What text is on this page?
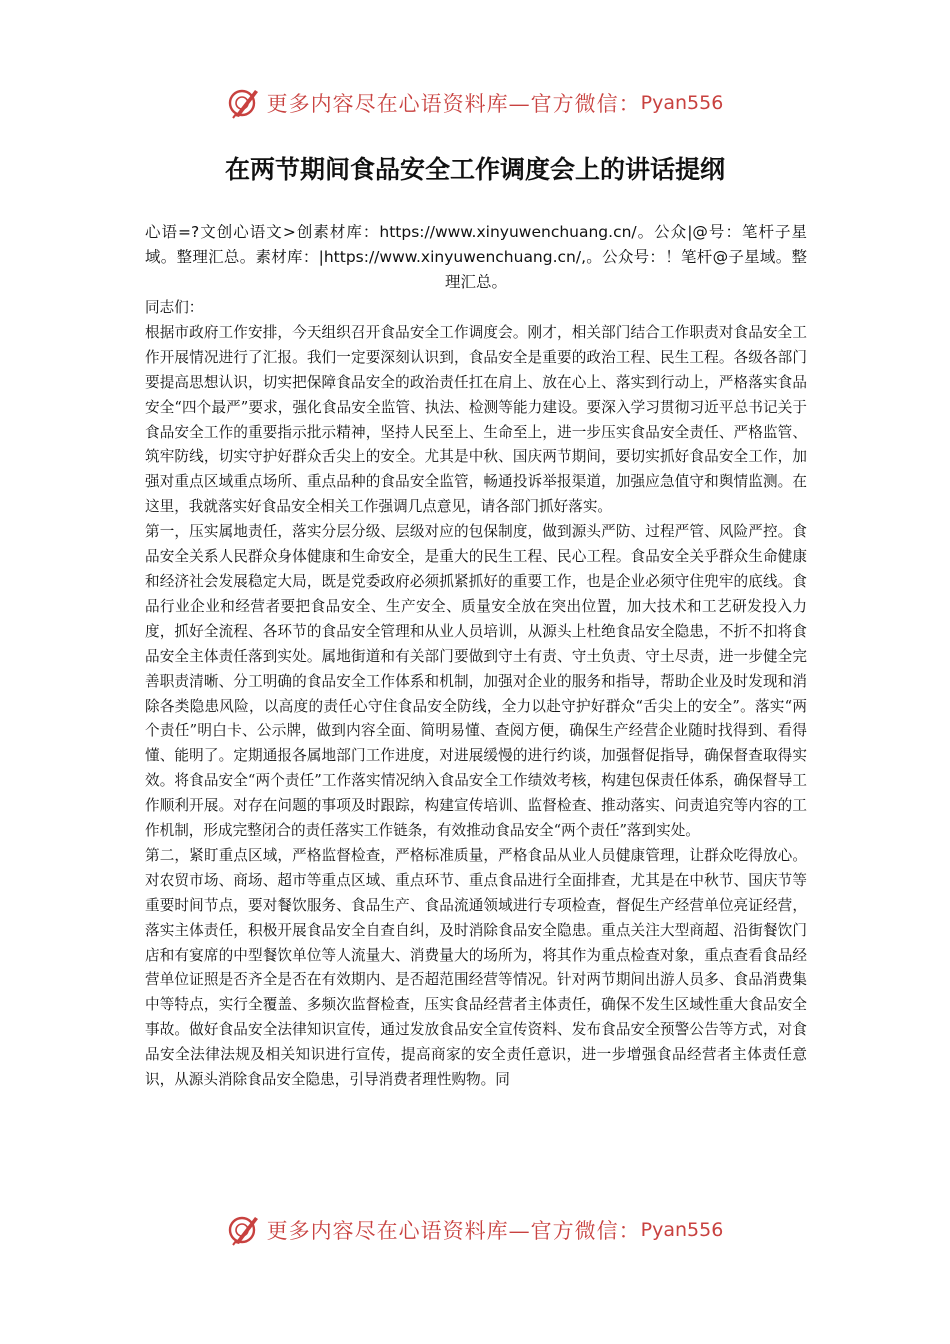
更多内容尽在心语资料库—官方微信： Pyan556
在两节期间食品安全工作调度会上的讲话提纲

心语=?文创心语文>创素材库：https://www.xinyuwenchuang.cn/。公众|@号：笔杆子星域。整理汇总。素材库：|https://www.xinyuwenchuang.cn/,。公众号：！笔杆@子星域。整理汇总。

同志们：

根据市政府工作安排，今天组织召开食品安全工作调度会。刚才，相关部门结合工作职责对食品安全工作开展情况进行了汇报。我们一定要深刻认识到，食品安全是重要的政治工程、民生工程。各级各部门要提高思想认识，切实把保障食品安全的政治责任扛在肩上、放在心上、落实到行动上，严格落实食品安全“四个最严”要求，强化食品安全监管、执法、检测等能力建设。要深入学习贯彻习近平总书记关于食品安全工作的重要指示批示精神，坚持人民至上、生命至上，进一步压实食品安全责任、严格监管、筑牢防线，切实守护好群众舌尖上的安全。尤其是中秋、国庆两节期间，要切实抓好食品安全工作，加强对重点区域重点场所、重点品种的食品安全监管，畅通投诉举报渠道，加强应急值守和舆情监测。在这里，我就落实好食品安全相关工作强调几点意见，请各部门抓好落实。

第一，压实属地责任，落实分层分级、层级对应的包保制度，做到源头严防、过程严管、风险严控。食品安全关系人民群众身体健康和生命安全，是重大的民生工程、民心工程。食品安全关乎群众生命健康和经济社会发展稳定大局，既是党委政府必须抓紧抓好的重要工作，也是企业必须守住兜牢的底线。食品行业企业和经营者要把食品安全、生产安全、质量安全放在突出位置，加大技术和工艺研发投入力度，抓好全流程、各环节的食品安全管理和从业人员培训，从源头上杜绝食品安全隐患，不折不扣将食品安全主体责任落到实处。属地街道和有关部门要做到守土有责、守土负责、守土尽责，进一步健全完善职责清晰、分工明确的食品安全工作体系和机制，加强对企业的服务和指导，帮助企业及时发现和消除各类隐患风险，以高度的责任心守住食品安全防线，全力以赴守护好群众“舌尖上的安全”。落实“两个责任”明白卡、公示牌，做到内容全面、简明易懂、查阅方便，确保生产经营企业随时找得到、看得懂、能明了。定期通报各属地部门工作进度，对进展缓慢的进行约谈，加强督促指导，确保督查取得实效。将食品安全“两个责任”工作落实情况纳入食品安全工作绩效考核，构建包保责任体系，确保督导工作顺利开展。对存在问题的事项及时跟踪，构建宣传培训、监督检查、推动落实、问责追究等内容的工作机制，形成完整闭合的责任落实工作链条，有效推动食品安全“两个责任”落到实处。

第二，紧盯重点区域，严格监督检查，严格标准质量，严格食品从业人员健康管理，让群众吃得放心。对农贸市场、商场、超市等重点区域、重点环节、重点食品进行全面排查，尤其是在中秋节、国庆节等重要时间节点，要对餐饮服务、食品生产、食品流通领域进行专项检查，督促生产经营单位亮证经营，落实主体责任，积极开展食品安全自查自纠，及时消除食品安全隐患。重点关注大型商超、沿街餐饮门店和有宴席的中型餐饮单位等人流量大、消费量大的场所为，将其作为重点检查对象，重点查看食品经营单位证照是否齐全是否在有效期内、是否超范围经营等情况。针对两节期间出游人员多、食品消费集中等特点，实行全覆盖、多频次监督检查，压实食品经营者主体责任，确保不发生区域性重大食品安全事故。做好食品安全法律知识宣传，通过发放食品安全宣传资料、发布食品安全预警公告等方式，对食品安全法律法规及相关知识进行宣传，提高商家的安全责任意识，进一步增强食品经营者主体责任意识，从源头消除食品安全隐患，引导消费者理性购物。同

更多内容尽在心语资料库—官方微信： Pyan556
